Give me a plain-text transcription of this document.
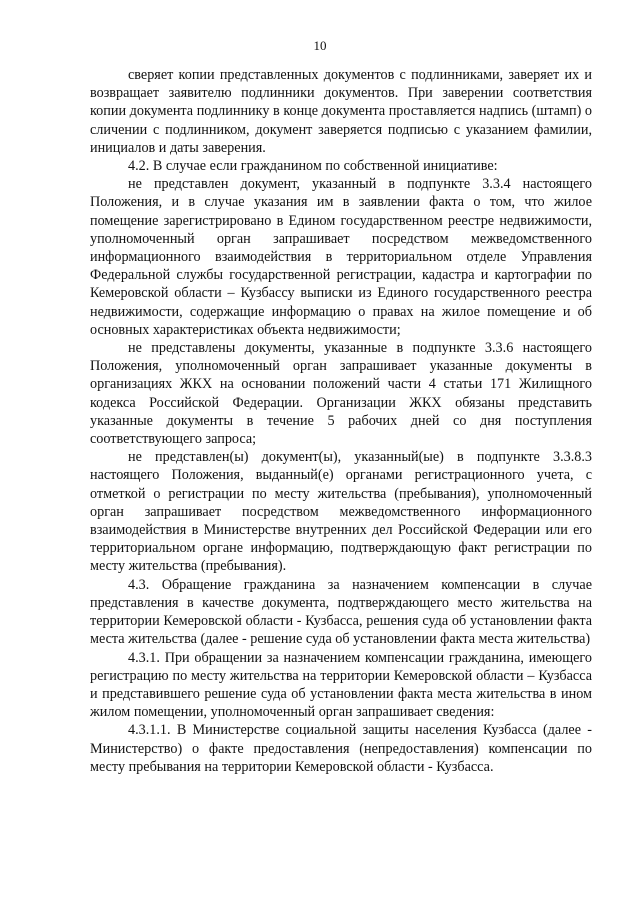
10

сверяет копии представленных документов с подлинниками, заверяет их и возвращает заявителю подлинники документов. При заверении соответствия копии документа подлиннику в конце документа проставляется надпись (штамп) о сличении с подлинником, документ заверяется подписью с указанием фамилии, инициалов и даты заверения.

4.2. В случае если гражданином по собственной инициативе:

не представлен документ, указанный в подпункте 3.3.4 настоящего Положения, и в случае указания им в заявлении факта о том, что жилое помещение зарегистрировано в Едином государственном реестре недвижимости, уполномоченный орган запрашивает посредством межведомственного информационного взаимодействия в территориальном отделе Управления Федеральной службы государственной регистрации, кадастра и картографии по Кемеровской области – Кузбассу выписки из Единого государственного реестра недвижимости, содержащие информацию о правах на жилое помещение и об основных характеристиках объекта недвижимости;

не представлены документы, указанные в подпункте 3.3.6 настоящего Положения, уполномоченный орган запрашивает указанные документы в организациях ЖКХ на основании положений части 4 статьи 171 Жилищного кодекса Российской Федерации. Организации ЖКХ обязаны представить указанные документы в течение 5 рабочих дней со дня поступления соответствующего запроса;

не представлен(ы) документ(ы), указанный(ые) в подпункте 3.3.8.3 настоящего Положения, выданный(е) органами регистрационного учета, с отметкой о регистрации по месту жительства (пребывания), уполномоченный орган запрашивает посредством межведомственного информационного взаимодействия в Министерстве внутренних дел Российской Федерации или его территориальном органе информацию, подтверждающую факт регистрации по месту жительства (пребывания).

4.3. Обращение гражданина за назначением компенсации в случае представления в качестве документа, подтверждающего место жительства на территории Кемеровской области - Кузбасса, решения суда об установлении факта места жительства (далее - решение суда об установлении факта места жительства)

4.3.1. При обращении за назначением компенсации гражданина, имеющего регистрацию по месту жительства на территории Кемеровской области – Кузбасса и представившего решение суда об установлении факта места жительства в ином жилом помещении, уполномоченный орган запрашивает сведения:

4.3.1.1. В Министерстве социальной защиты населения Кузбасса (далее - Министерство) о факте предоставления (непредоставления) компенсации по месту пребывания на территории Кемеровской области - Кузбасса.
